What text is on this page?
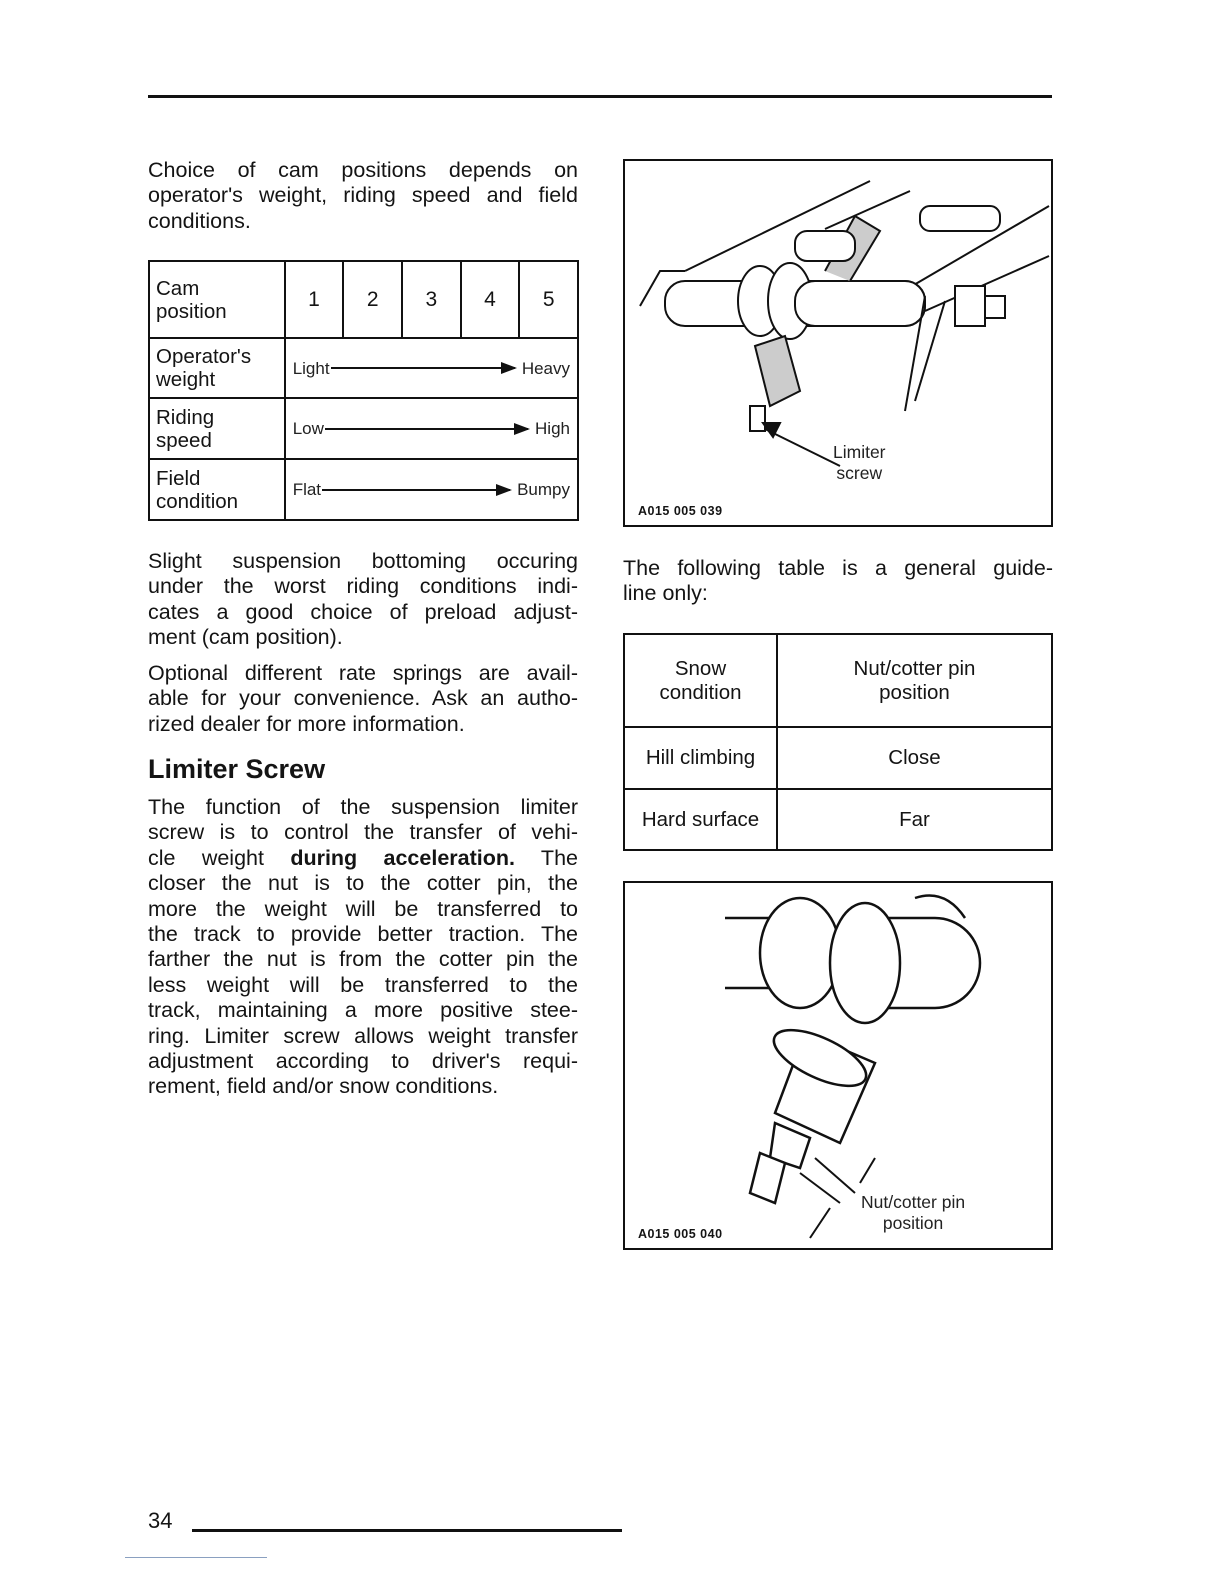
Choice of cam positions depends on
operator's weight, riding speed and field
conditions.
Cam
position	1	2	3	4	5
Operator's
weight	Light Heavy				

Riding
speed	Low High				

Field
condition	Flat Bumpy				
Slight suspension bottoming occuring
under the worst riding conditions indi-
cates a good choice of preload adjust-
ment (cam position).
Optional different rate springs are avail-
able for your convenience. Ask an autho-
rized dealer for more information.
Limiter Screw
The function of the suspension limiter
screw is to control the transfer of vehi-
cle weight during acceleration. The
closer the nut is to the cotter pin, the
more the weight will be transferred to
the track to provide better traction. The
farther the nut is from the cotter pin the
less weight will be transferred to the
track, maintaining a more positive stee-
ring. Limiter screw allows weight transfer
adjustment according to driver's requi-
rement, field and/or snow conditions.
Limiter
screw
A015 005 039
The following table is a general guide-
line only:
Snow
condition	Nut/cotter pin
position
Hill climbing	Close
Hard surface	Far
Nut/cotter pin
position
A015 005 040
34
